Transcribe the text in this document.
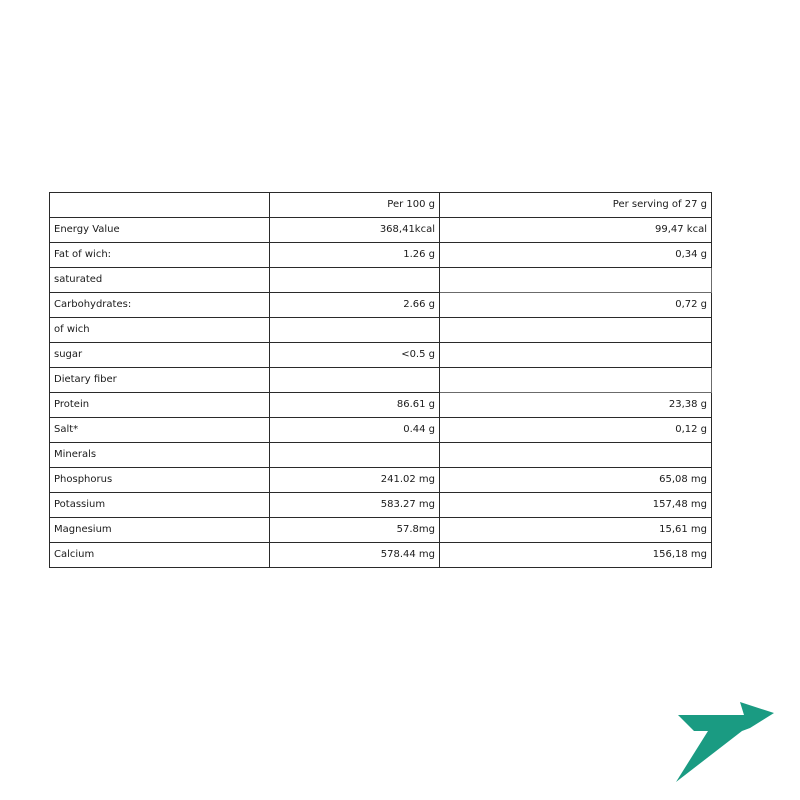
	Per 100 g	Per serving of 27 g
Energy Value	368,41kcal	99,47 kcal
Fat of wich:	1.26 g	0,34 g
saturated		
Carbohydrates:	2.66 g	0,72 g
of wich		
sugar	<0.5 g	
Dietary fiber		
Protein	86.61 g	23,38 g
Salt*	0.44 g	0,12 g
Minerals		
Phosphorus	241.02 mg	65,08 mg
Potassium	583.27 mg	157,48 mg
Magnesium	57.8mg	15,61 mg
Calcium	578.44 mg	156,18 mg
